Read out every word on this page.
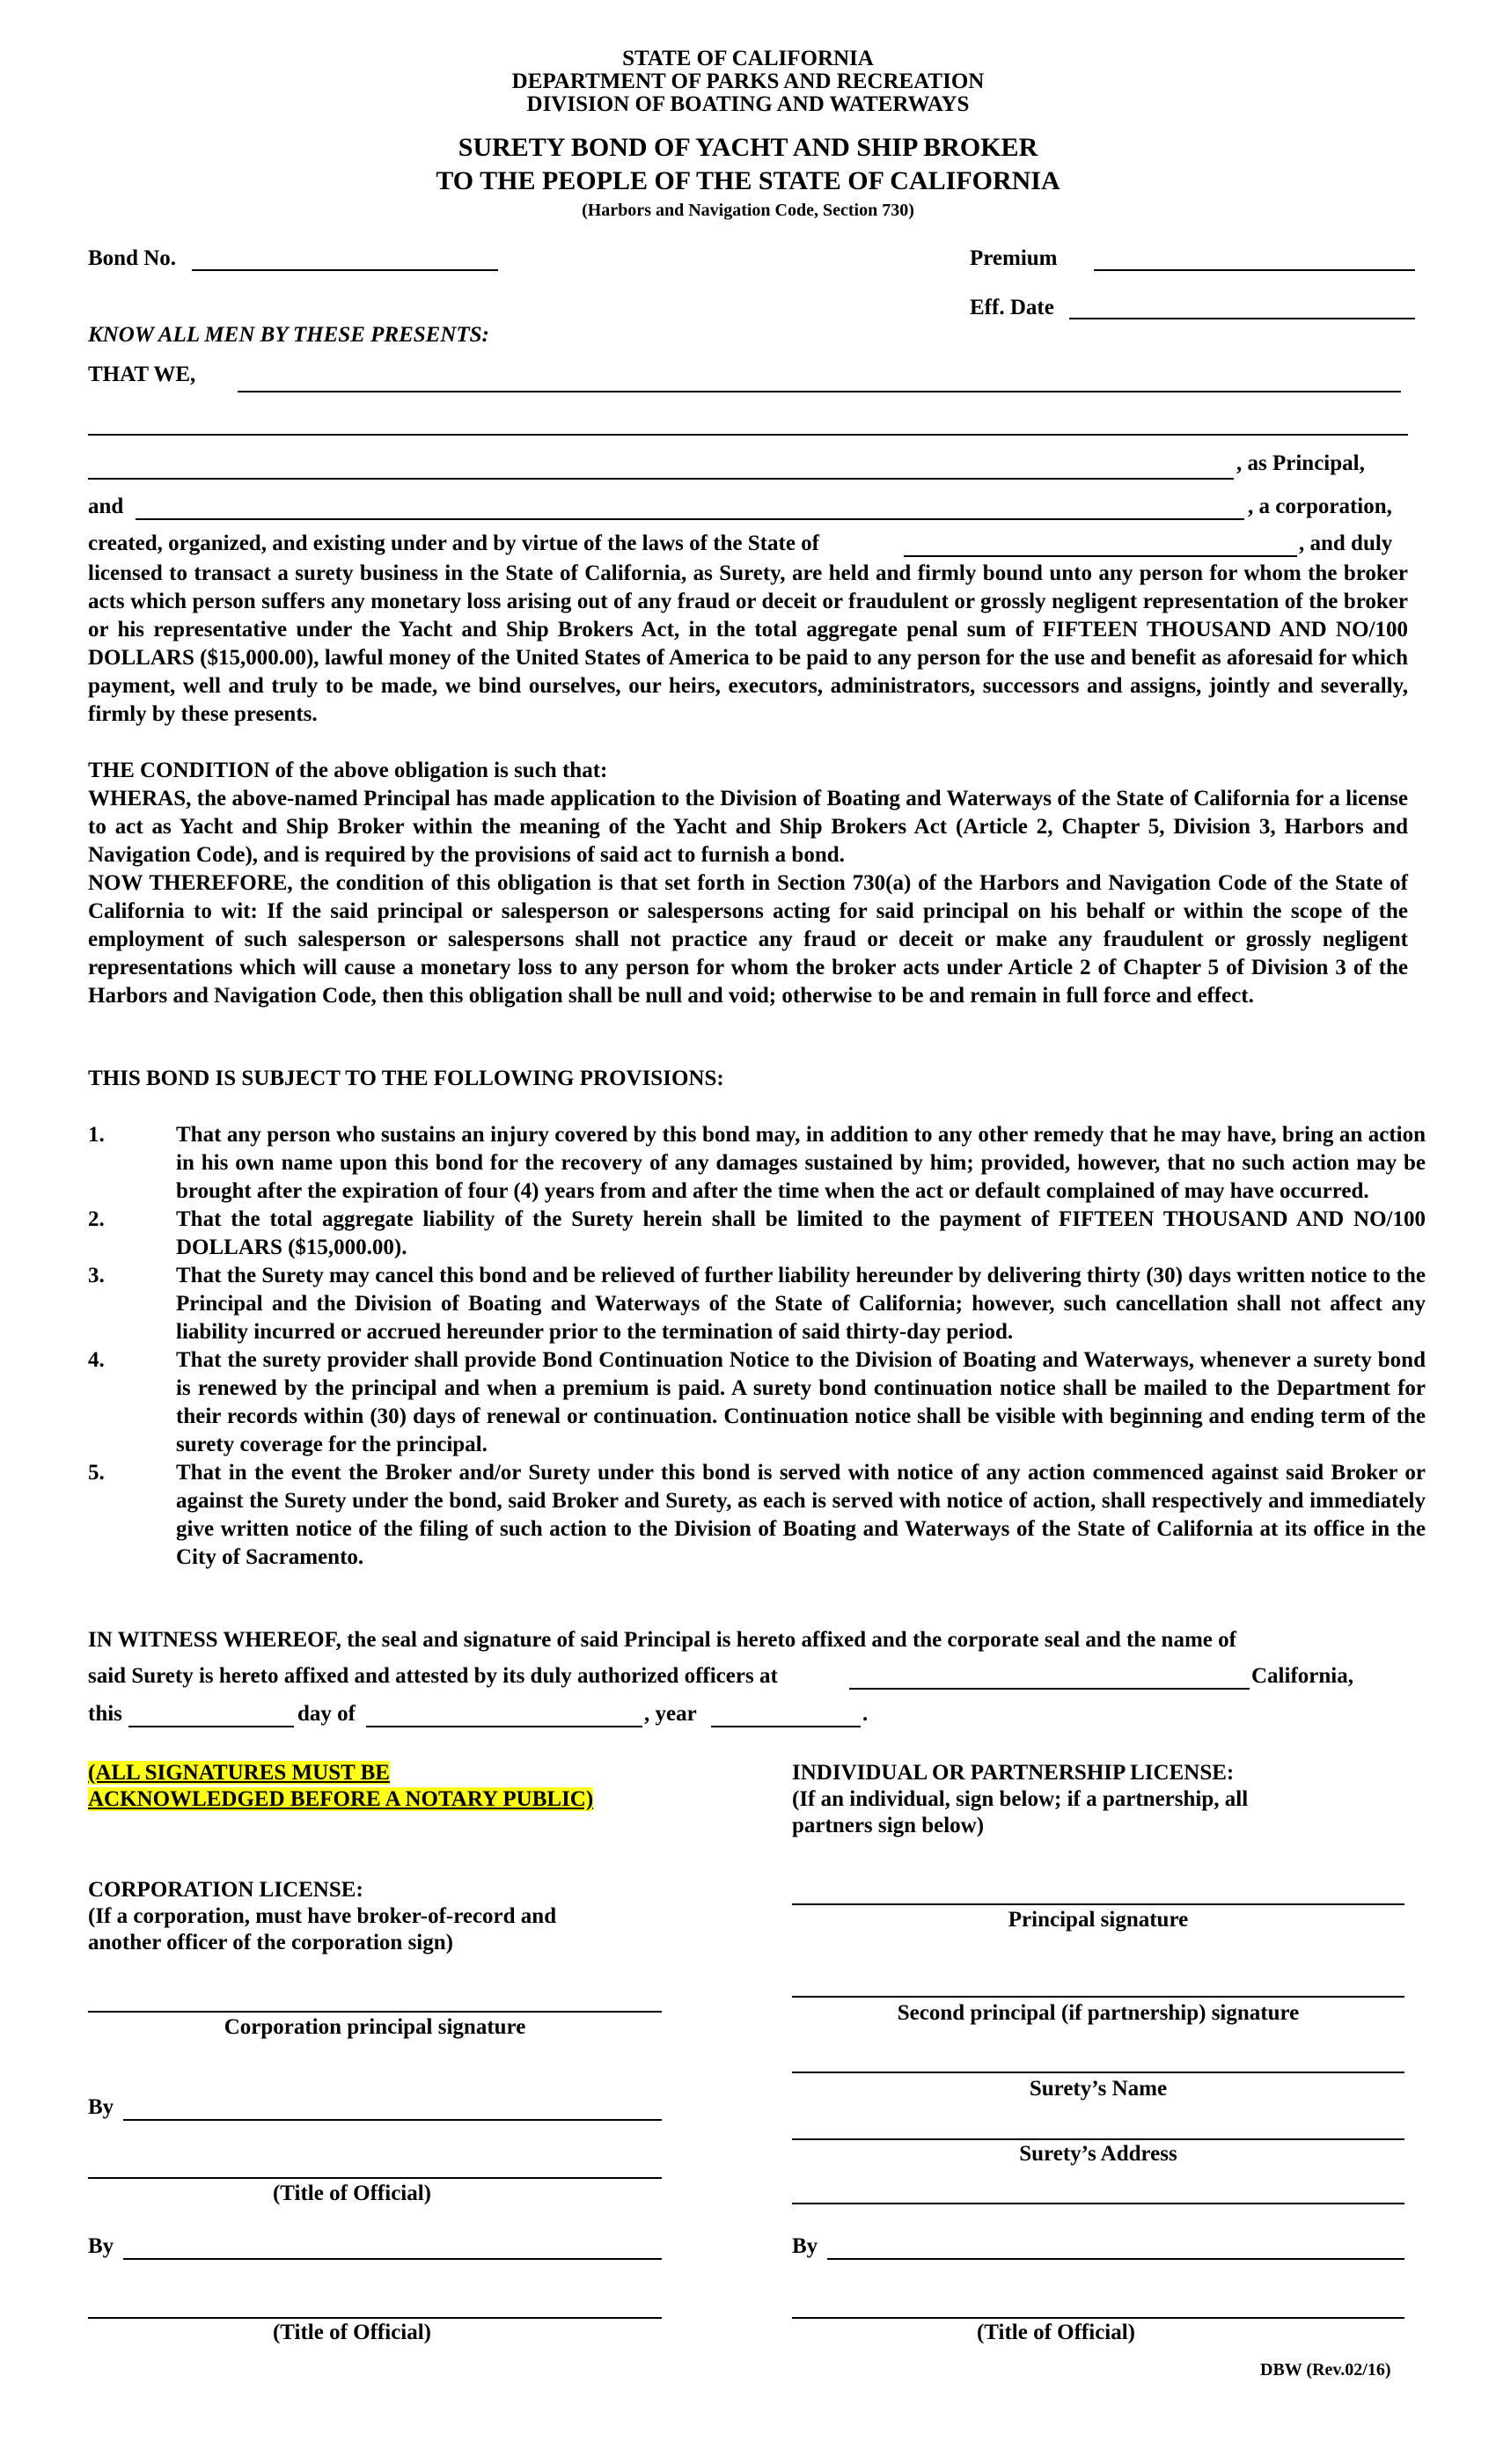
STATE OF CALIFORNIA
DEPARTMENT OF PARKS AND RECREATION
DIVISION OF BOATING AND WATERWAYS
SURETY BOND OF YACHT AND SHIP BROKER
TO THE PEOPLE OF THE STATE OF CALIFORNIA
(Harbors and Navigation Code, Section 730)
Bond No.	Premium
Eff. Date
KNOW ALL MEN BY THESE PRESENTS:
THAT WE,
, as Principal,
and	, a corporation,
created, organized, and existing under and by virtue of the laws of the State of	, and duly
licensed to transact a surety business in the State of California, as Surety, are held and firmly bound unto any person for whom the broker acts which person suffers any monetary loss arising out of any fraud or deceit or fraudulent or grossly negligent representation of the broker or his representative under the Yacht and Ship Brokers Act, in the total aggregate penal sum of FIFTEEN THOUSAND AND NO/100 DOLLARS ($15,000.00), lawful money of the United States of America to be paid to any person for the use and benefit as aforesaid for which payment, well and truly to be made, we bind ourselves, our heirs, executors, administrators, successors and assigns, jointly and severally, firmly by these presents.

THE CONDITION of the above obligation is such that:

WHERAS, the above-named Principal has made application to the Division of Boating and Waterways of the State of California for a license to act as Yacht and Ship Broker within the meaning of the Yacht and Ship Brokers Act (Article 2, Chapter 5, Division 3, Harbors and Navigation Code), and is required by the provisions of said act to furnish a bond.

NOW THEREFORE, the condition of this obligation is that set forth in Section 730(a) of the Harbors and Navigation Code of the State of California to wit: If the said principal or salesperson or salespersons acting for said principal on his behalf or within the scope of the employment of such salesperson or salespersons shall not practice any fraud or deceit or make any fraudulent or grossly negligent representations which will cause a monetary loss to any person for whom the broker acts under Article 2 of Chapter 5 of Division 3 of the Harbors and Navigation Code, then this obligation shall be null and void; otherwise to be and remain in full force and effect.

THIS BOND IS SUBJECT TO THE FOLLOWING PROVISIONS:
1.	That any person who sustains an injury covered by this bond may, in addition to any other remedy that he may have, bring an action in his own name upon this bond for the recovery of any damages sustained by him; provided, however, that no such action may be brought after the expiration of four (4) years from and after the time when the act or default complained of may have occurred.
2.	That the total aggregate liability of the Surety herein shall be limited to the payment of FIFTEEN THOUSAND AND NO/100 DOLLARS ($15,000.00).
3.	That the Surety may cancel this bond and be relieved of further liability hereunder by delivering thirty (30) days written notice to the Principal and the Division of Boating and Waterways of the State of California; however, such cancellation shall not affect any liability incurred or accrued hereunder prior to the termination of said thirty-day period.
4.	That the surety provider shall provide Bond Continuation Notice to the Division of Boating and Waterways, whenever a surety bond is renewed by the principal and when a premium is paid. A surety bond continuation notice shall be mailed to the Department for their records within (30) days of renewal or continuation. Continuation notice shall be visible with beginning and ending term of the surety coverage for the principal.
5.	That in the event the Broker and/or Surety under this bond is served with notice of any action commenced against said Broker or against the Surety under the bond, said Broker and Surety, as each is served with notice of action, shall respectively and immediately give written notice of the filing of such action to the Division of Boating and Waterways of the State of California at its office in the City of Sacramento.
IN WITNESS WHEREOF, the seal and signature of said Principal is hereto affixed and the corporate seal and the name of
said Surety is hereto affixed and attested by its duly authorized officers at	California,
this	day of	, year	.
(ALL SIGNATURES MUST BE
ACKNOWLEDGED BEFORE A NOTARY PUBLIC)
INDIVIDUAL OR PARTNERSHIP LICENSE:
(If an individual, sign below; if a partnership, all
partners sign below)
Principal signature
Second principal (if partnership) signature
Surety’s Name
Surety’s Address
By
(Title of Official)
CORPORATION LICENSE:
(If a corporation, must have broker-of-record and
another officer of the corporation sign)
Corporation principal signature
By
(Title of Official)
By
(Title of Official)
DBW (Rev.02/16)
